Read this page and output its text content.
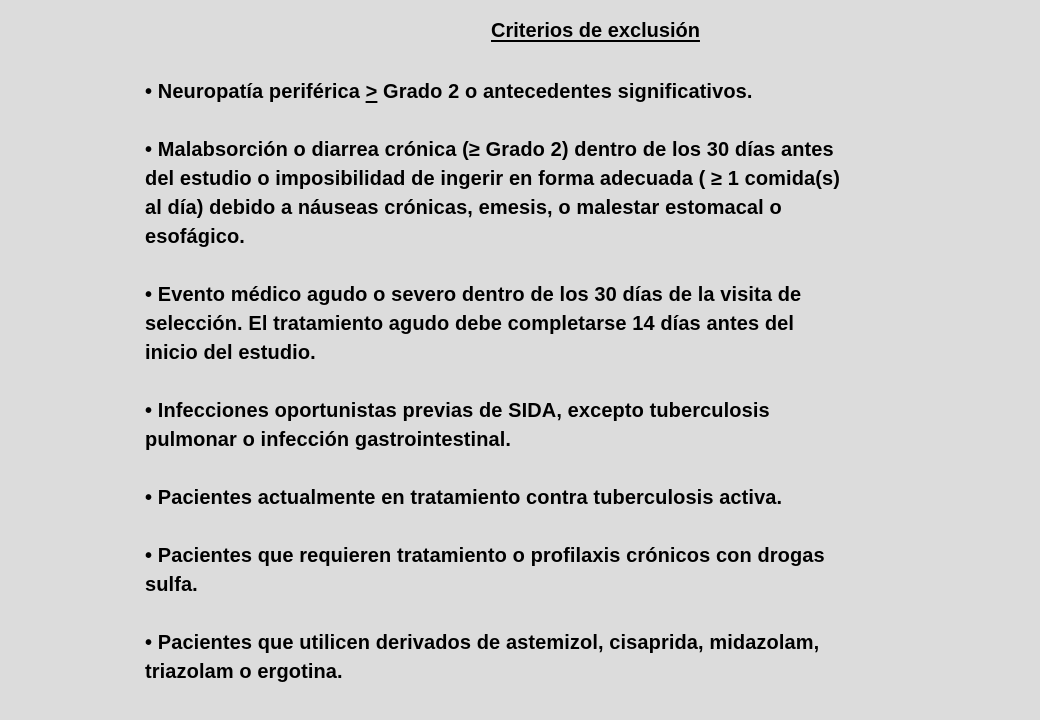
Criterios de exclusión
• Neuropatía periférica > Grado 2 o antecedentes significativos.
• Malabsorción o diarrea crónica (≥ Grado 2) dentro de los 30 días antes
del estudio o imposibilidad de ingerir en forma adecuada ( ≥ 1 comida(s)
al día) debido a náuseas crónicas, emesis, o malestar estomacal o
esofágico.
• Evento médico agudo o severo dentro de los 30 días de la visita de
selección. El tratamiento agudo debe completarse 14 días antes del
inicio del estudio.
• Infecciones oportunistas previas de SIDA, excepto tuberculosis
pulmonar o infección gastrointestinal.
• Pacientes actualmente en tratamiento contra tuberculosis activa.
• Pacientes que requieren tratamiento o profilaxis crónicos con drogas
sulfa.
• Pacientes que utilicen derivados de astemizol, cisaprida, midazolam,
triazolam o ergotina.
